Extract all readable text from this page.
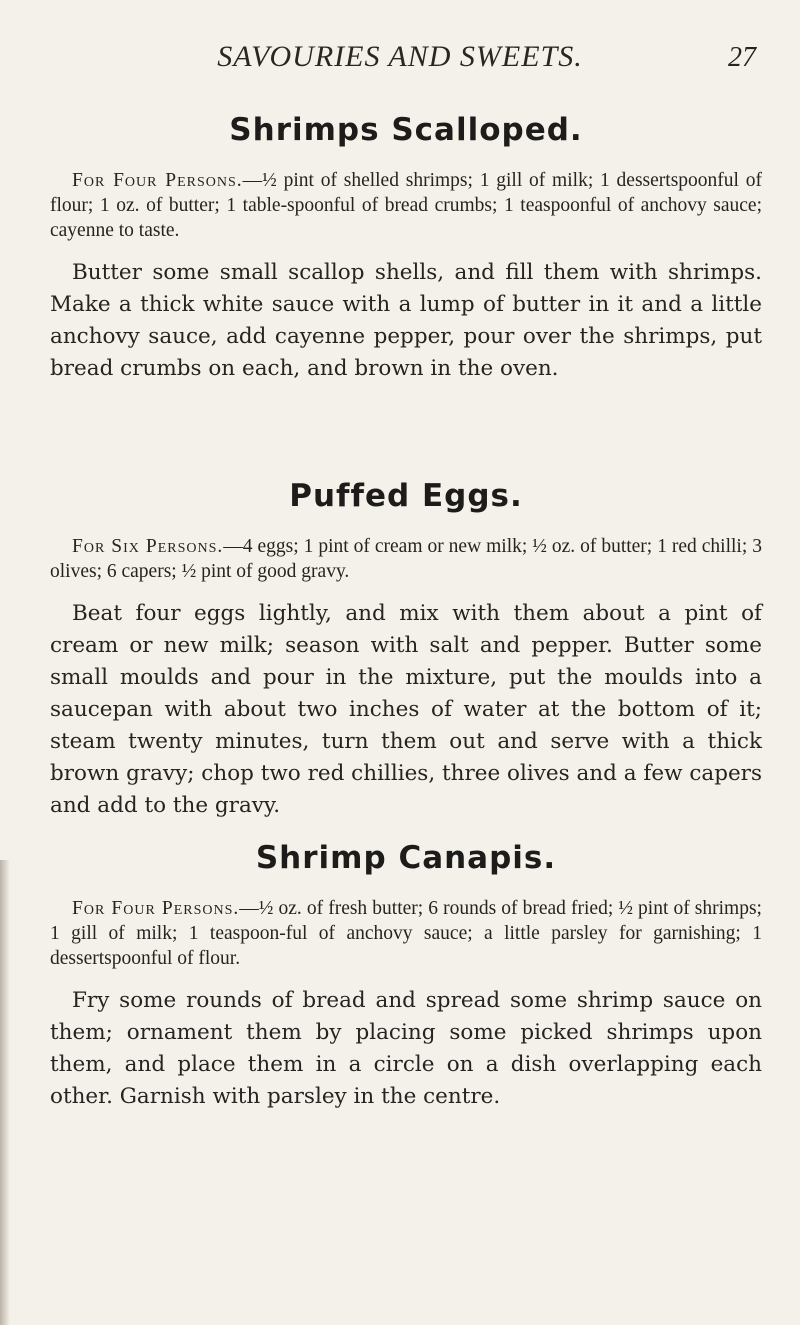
SAVOURIES AND SWEETS.	27
Shrimps Scalloped.

For Four Persons.—½ pint of shelled shrimps; 1 gill of milk; 1 dessertspoonful of flour; 1 oz. of butter; 1 table-spoonful of bread crumbs; 1 teaspoonful of anchovy sauce; cayenne to taste.

Butter some small scallop shells, and fill them with shrimps. Make a thick white sauce with a lump of butter in it and a little anchovy sauce, add cayenne pepper, pour over the shrimps, put bread crumbs on each, and brown in the oven.

Puffed Eggs.

For Six Persons.—4 eggs; 1 pint of cream or new milk; ½ oz. of butter; 1 red chilli; 3 olives; 6 capers; ½ pint of good gravy.

Beat four eggs lightly, and mix with them about a pint of cream or new milk; season with salt and pepper. Butter some small moulds and pour in the mixture, put the moulds into a saucepan with about two inches of water at the bottom of it; steam twenty minutes, turn them out and serve with a thick brown gravy; chop two red chillies, three olives and a few capers and add to the gravy.

Shrimp Canapis.

For Four Persons.—½ oz. of fresh butter; 6 rounds of bread fried; ½ pint of shrimps; 1 gill of milk; 1 teaspoon-ful of anchovy sauce; a little parsley for garnishing; 1 dessertspoonful of flour.

Fry some rounds of bread and spread some shrimp sauce on them; ornament them by placing some picked shrimps upon them, and place them in a circle on a dish overlapping each other. Garnish with parsley in the centre.
